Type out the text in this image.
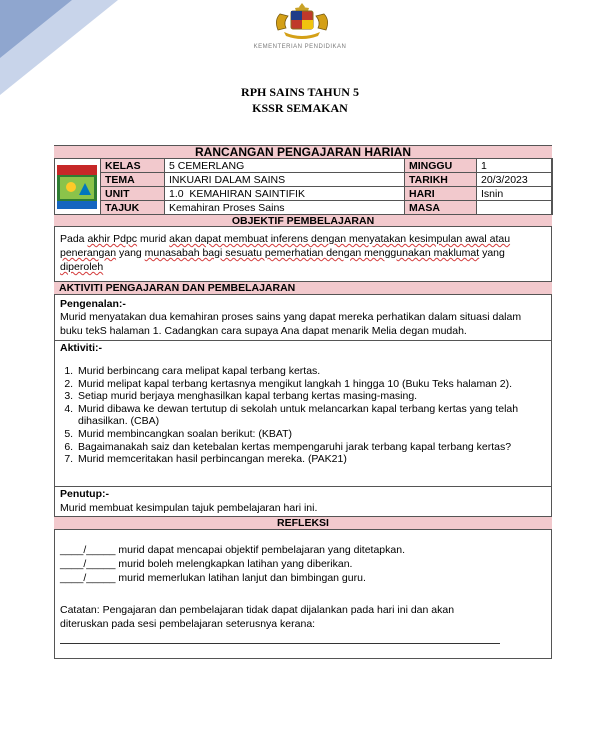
KEMENTERIAN PENDIDIKAN
RPH SAINS TAHUN 5
KSSR SEMAKAN
RANCANGAN PENGAJARAN HARIAN
	KELAS	5 CEMERLANG	MINGGU	1
	TEMA	INKUARI DALAM SAINS	TARIKH	20/3/2023
	UNIT	1.0  KEMAHIRAN SAINTIFIK	HARI	Isnin
	TAJUK	Kemahiran Proses Sains	MASA	
OBJEKTIF PEMBELAJARAN
Pada akhir Pdpc murid akan dapat membuat inferens dengan menyatakan kesimpulan awal atau
penerangan yang munasabah bagi sesuatu pemerhatian dengan menggunakan maklumat yang
diperoleh
AKTIVITI PENGAJARAN DAN PEMBELAJARAN
Pengenalan:-
Murid menyatakan dua kemahiran proses sains yang dapat mereka perhatikan dalam situasi dalam
buku tekS halaman 1. Cadangkan cara supaya Ana dapat menarik Melia degan mudah.
Aktiviti:-
1. Murid berbincang cara melipat kapal terbang kertas.
2. Murid melipat kapal terbang kertasnya mengikut langkah 1 hingga 10 (Buku Teks halaman 2).
3. Setiap murid berjaya menghasilkan kapal terbang kertas masing-masing.
4. Murid dibawa ke dewan tertutup di sekolah untuk melancarkan kapal terbang kertas yang telah dihasilkan. (CBA)
5. Murid membincangkan soalan berikut: (KBAT)
6. Bagaimanakah saiz dan ketebalan kertas mempengaruhi jarak terbang kapal terbang kertas?
7. Murid memceritakan hasil perbincangan mereka. (PAK21)
Penutup:-
Murid membuat kesimpulan tajuk pembelajaran hari ini.
REFLEKSI
____/_____ murid dapat mencapai objektif pembelajaran yang ditetapkan.
____/_____ murid boleh melengkapkan latihan yang diberikan.
____/_____ murid memerlukan latihan lanjut dan bimbingan guru.
Catatan: Pengajaran dan pembelajaran tidak dapat dijalankan pada hari ini dan akan
diteruskan pada sesi pembelajaran seterusnya kerana:
